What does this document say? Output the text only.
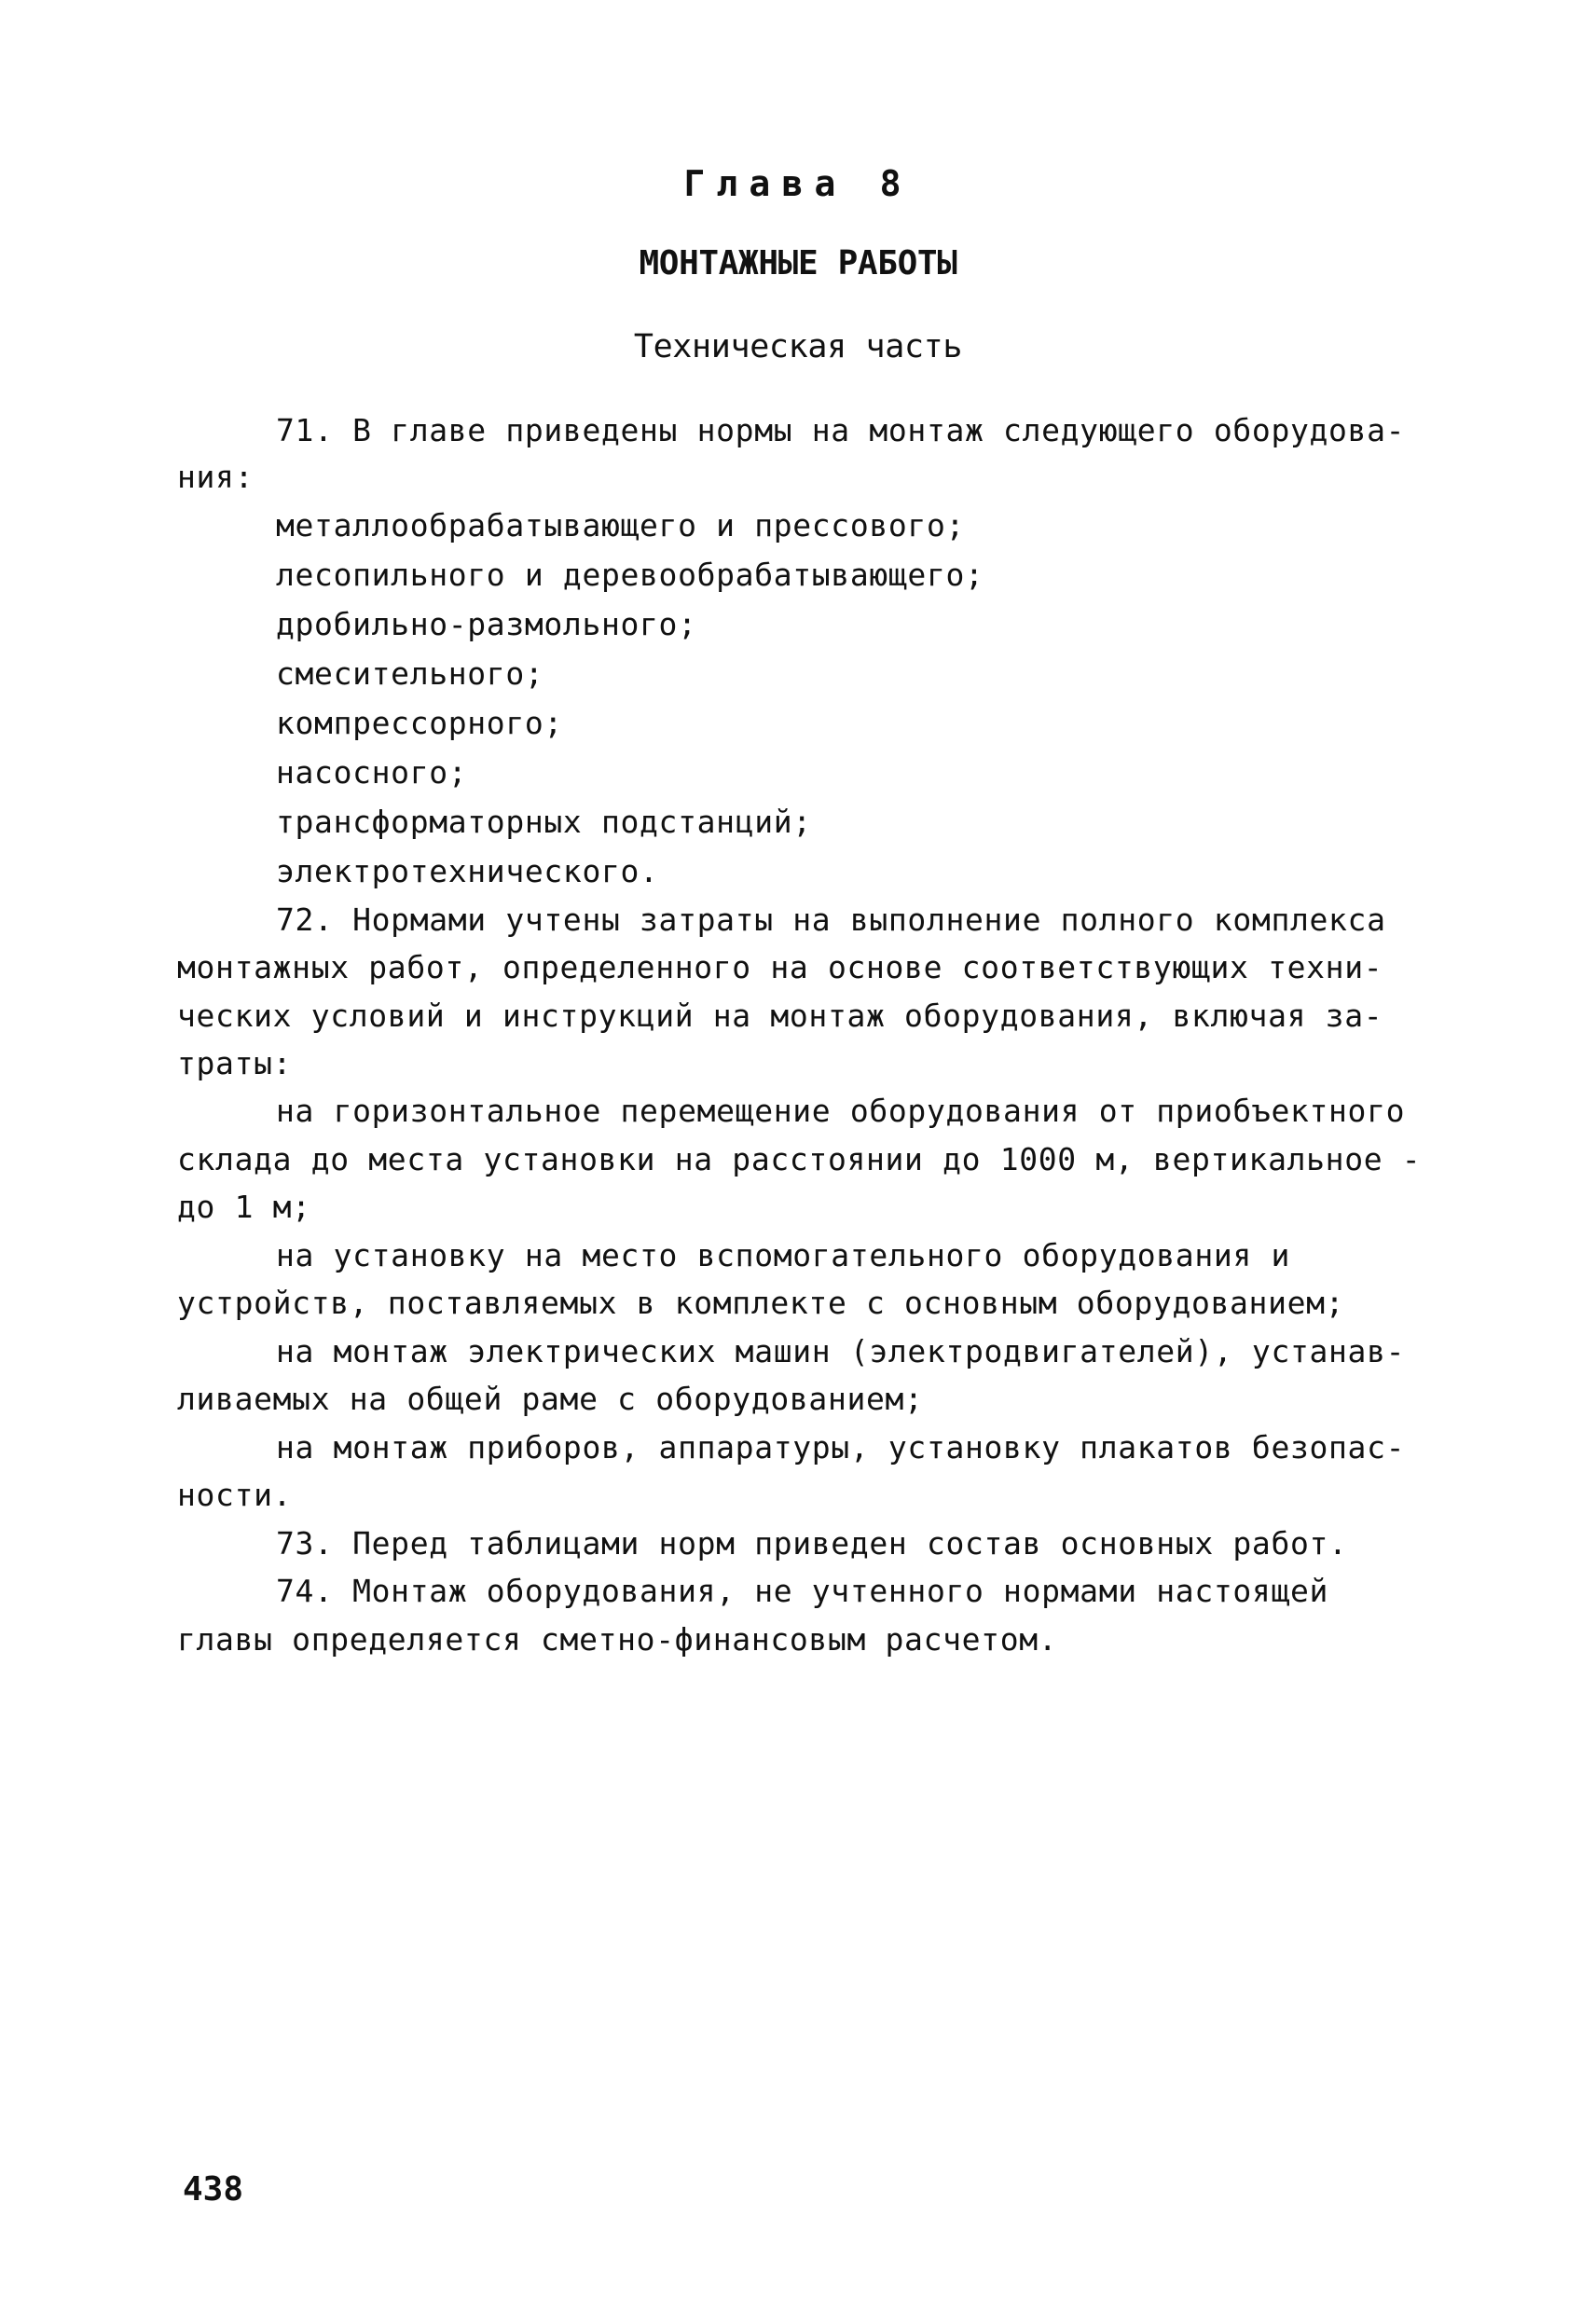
Глава 8
МОНТАЖНЫЕ РАБОТЫ
Техническая часть
71. В главе приведены нормы на монтаж следующего оборудова-
ния:
металлообрабатывающего и прессового;
лесопильного и деревообрабатывающего;
дробильно-размольного;
смесительного;
компрессорного;
насосного;
трансформаторных подстанций;
электротехнического.
72. Нормами учтены затраты на выполнение полного комплекса
монтажных работ, определенного на основе соответствующих техни-
ческих условий и инструкций на монтаж оборудования, включая за-
траты:
на горизонтальное перемещение оборудования от приобъектного
склада до места установки на расстоянии до 1000 м, вертикальное -
до 1 м;
на установку на место вспомогательного оборудования и
устройств, поставляемых в комплекте с основным оборудованием;
на монтаж электрических машин (электродвигателей), устанав-
ливаемых на общей раме с оборудованием;
на монтаж приборов, аппаратуры, установку плакатов безопас-
ности.
73. Перед таблицами норм приведен состав основных работ.
74. Монтаж оборудования, не учтенного нормами настоящей
главы определяется сметно-финансовым расчетом.
438
